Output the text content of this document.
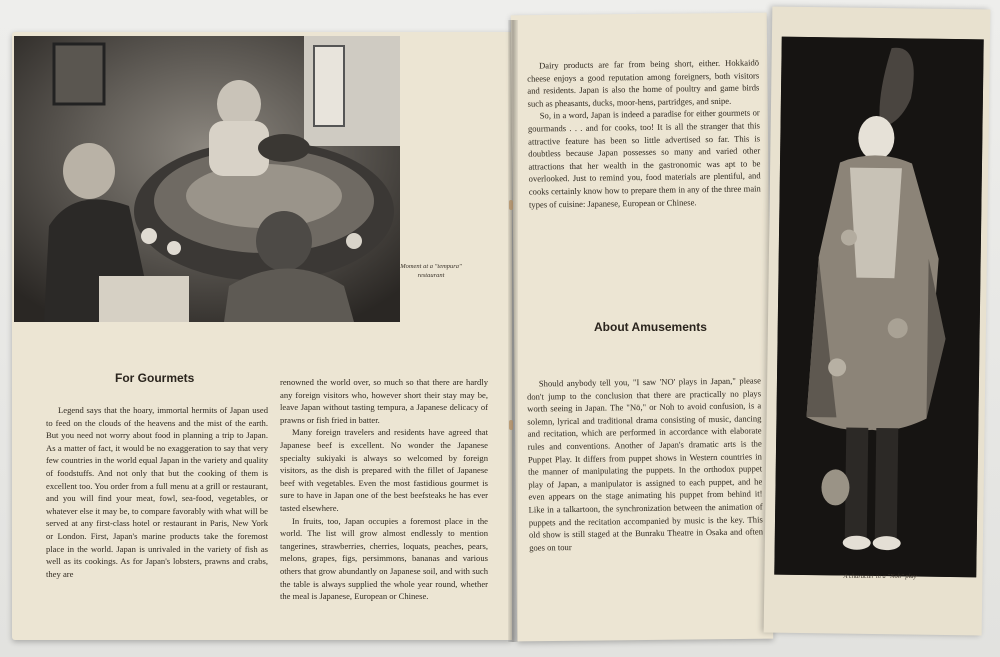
Moment at a "tempura" restaurant
A character in a "Noh" play
For Gourmets

Legend says that the hoary, immortal hermits of Japan used to feed on the clouds of the heavens and the mist of the earth. But you need not worry about food in planning a trip to Japan. As a matter of fact, it would be no exaggeration to say that very few countries in the world equal Japan in the variety and quality of foodstuffs. And not only that but the cooking of them is excellent too. You order from a full menu at a grill or restaurant, and you will find your meat, fowl, sea-food, vegetables, or whatever else it may be, to compare favorably with what will be served at any first-class hotel or restaurant in Paris, New York or London. First, Japan's marine products take the foremost place in the world. Japan is unrivaled in the variety of fish as well as its cookings. As for Japan's lobsters, prawns and crabs, they are

renowned the world over, so much so that there are hardly any foreign visitors who, however short their stay may be, leave Japan without tasting tempura, a Japanese delicacy of prawns or fish fried in batter.

Many foreign travelers and residents have agreed that Japanese beef is excellent. No wonder the Japanese specialty sukiyaki is always so welcomed by foreign visitors, as the dish is prepared with the fillet of Japanese beef with vegetables. Even the most fastidious gourmet is sure to have in Japan one of the best beefsteaks he has ever tasted elsewhere.

In fruits, too, Japan occupies a foremost place in the world. The list will grow almost endlessly to mention tangerines, strawberries, cherries, loquats, peaches, pears, melons, grapes, figs, persimmons, bananas and various others that grow abundantly on Japanese soil, and with such the table is always supplied the whole year round, whether the meal is Japanese, European or Chinese.

Dairy products are far from being short, either. Hokkaidō cheese enjoys a good reputation among foreigners, both visitors and residents. Japan is also the home of poultry and game birds such as pheasants, ducks, moor-hens, partridges, and snipe.

So, in a word, Japan is indeed a paradise for either gourmets or gourmands . . . and for cooks, too! It is all the stranger that this attractive feature has been so little advertised so far. This is doubtless because Japan possesses so many and varied other attractions that her wealth in the gastronomic was apt to be overlooked. Just to remind you, food materials are plentiful, and cooks certainly know how to prepare them in any of the three main types of cuisine: Japanese, European or Chinese.

About Amusements

Should anybody tell you, "I saw 'NO' plays in Japan," please don't jump to the conclusion that there are practically no plays worth seeing in Japan. The "Nō," or Noh to avoid confusion, is a solemn, lyrical and traditional drama consisting of music, dancing and recitation, which are performed in accordance with elaborate rules and conventions. Another of Japan's dramatic arts is the Puppet Play. It differs from puppet shows in Western countries in the manner of manipulating the puppets. In the orthodox puppet play of Japan, a manipulator is assigned to each puppet, and he even appears on the stage animating his puppet from behind it! Like in a talkartoon, the synchronization between the animation of puppets and the recitation accompanied by music is the key. This old show is still staged at the Bunraku Theatre in Osaka and often goes on tour
